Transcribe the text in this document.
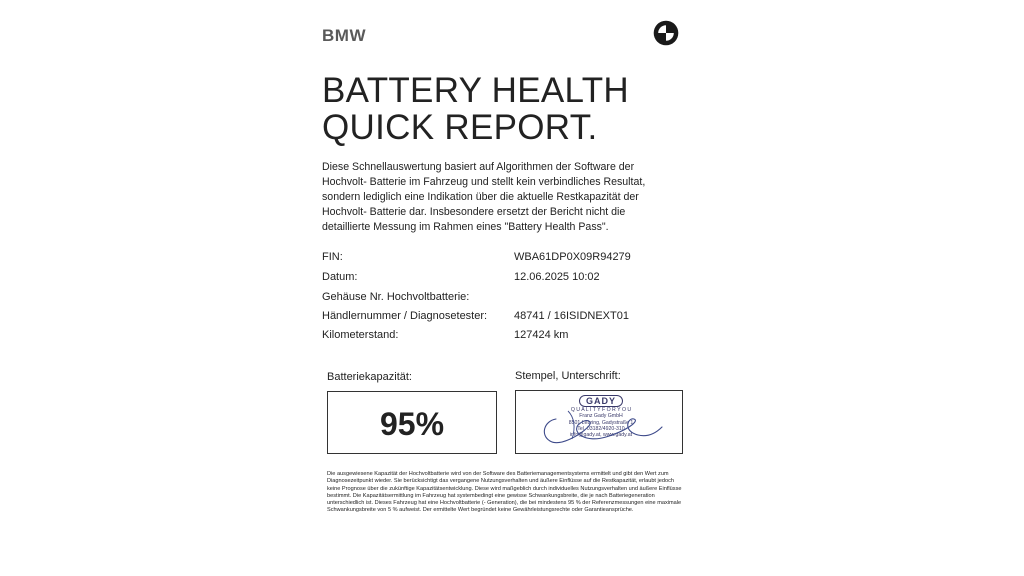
BMW
BATTERY HEALTH
QUICK REPORT.
Diese Schnellauswertung basiert auf Algorithmen der Software der Hochvolt- Batterie im Fahrzeug und stellt kein verbindliches Resultat, sondern lediglich eine Indikation über die aktuelle Restkapazität der Hochvolt- Batterie dar. Insbesondere ersetzt der Bericht nicht die detaillierte Messung im Rahmen eines "Battery Health Pass".
FIN:	WBA61DP0X09R94279
Datum:	12.06.2025 10:02
Gehäuse Nr. Hochvoltbatterie:
Händlernummer / Diagnosetester: 48741 / 16ISIDNEXT01
Kilometerstand:	127424 km
Batteriekapazität:	Stempel, Unterschrift:
95%
GADY
Q U A L I T Y F O R Y O U
Franz Gady GmbH
8501 Lebring, Gadystraße 1
Tel. 03182/4920-310
info@gady.at, www.gady.at
Die ausgewiesene Kapazität der Hochvoltbatterie wird von der Software des Batteriemanagementsystems ermittelt und gibt den Wert zum Diagnosezeitpunkt wieder. Sie berücksichtigt das vergangene Nutzungsverhalten und äußere Einflüsse auf die Restkapazität, erlaubt jedoch keine Prognose über die zukünftige Kapazitätsentwicklung. Diese wird maßgeblich durch individuelles Nutzungsverhalten und äußere Einflüsse bestimmt. Die Kapazitätsermittlung im Fahrzeug hat systembedingt eine gewisse Schwankungsbreite, die je nach Batteriegeneration unterschiedlich ist. Dieses Fahrzeug hat eine Hochvoltbatterie (- Generation), die bei mindestens 95 % der Referenzmessungen eine maximale Schwankungsbreite von 5 % aufweist. Der ermittelte Wert begründet keine Gewährleistungsrechte oder Garantieansprüche.
